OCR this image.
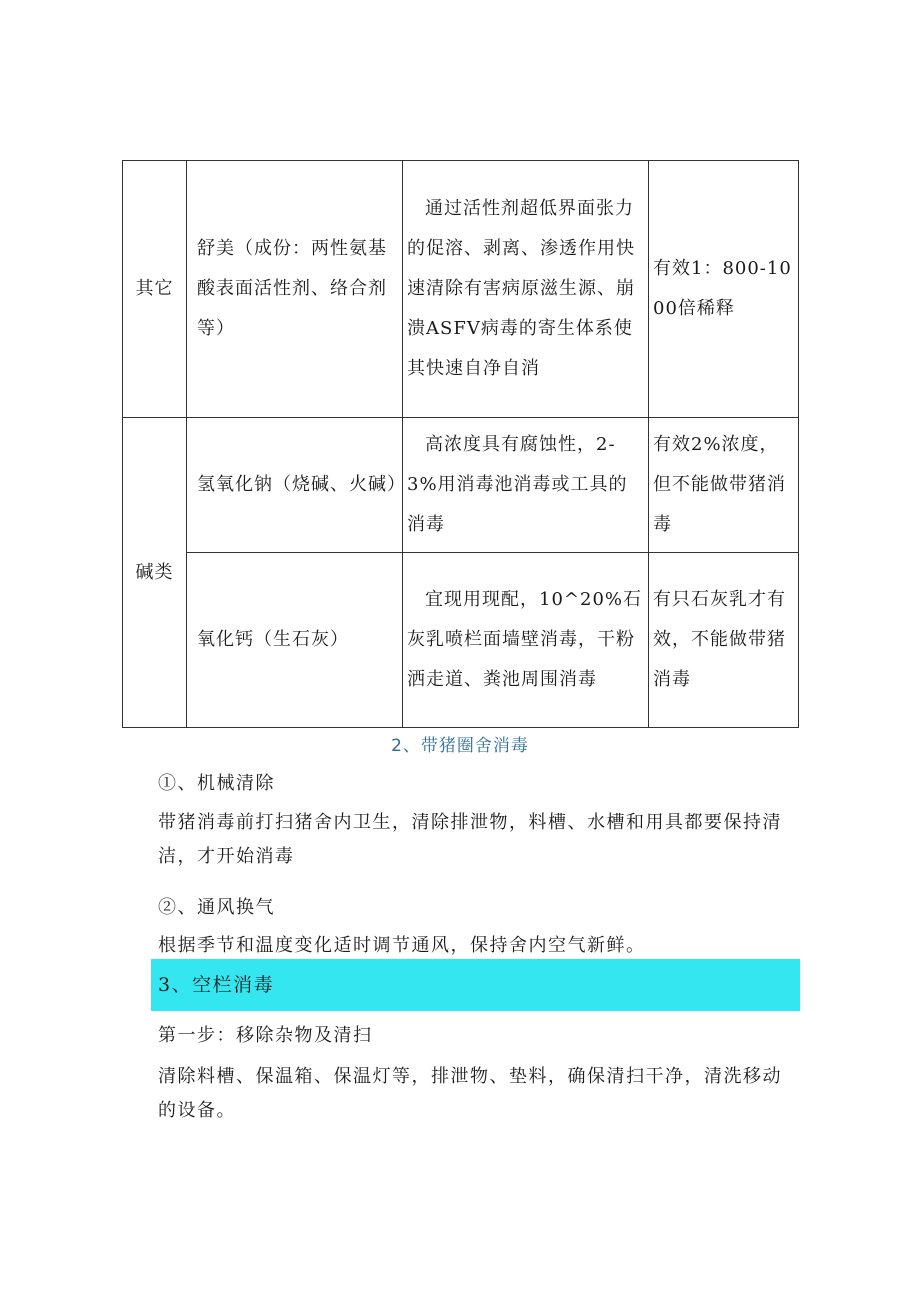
其它	舒美（成份：两性氨基酸表面活性剂、络合剂等）	通过活性剂超低界面张力的促溶、剥离、渗透作用快速清除有害病原滋生源、崩溃ASFV病毒的寄生体系使其快速自净自消	有效1：800-1000倍稀释
碱类	氢氧化钠（烧碱、火碱）	高浓度具有腐蚀性，2-3%用消毒池消毒或工具的消毒	有效2%浓度，但不能做带猪消毒
	氧化钙（生石灰）	宜现用现配，10^20%石灰乳喷栏面墙壁消毒，干粉洒走道、粪池周围消毒	有只石灰乳才有效，不能做带猪消毒
2、带猪圈舍消毒
①、机械清除
带猪消毒前打扫猪舍内卫生，清除排泄物，料槽、水槽和用具都要保持清洁，才开始消毒
②、通风换气
根据季节和温度变化适时调节通风，保持舍内空气新鲜。
3、空栏消毒
第一步：移除杂物及清扫
清除料槽、保温箱、保温灯等，排泄物、垫料，确保清扫干净，清洗移动的设备。
